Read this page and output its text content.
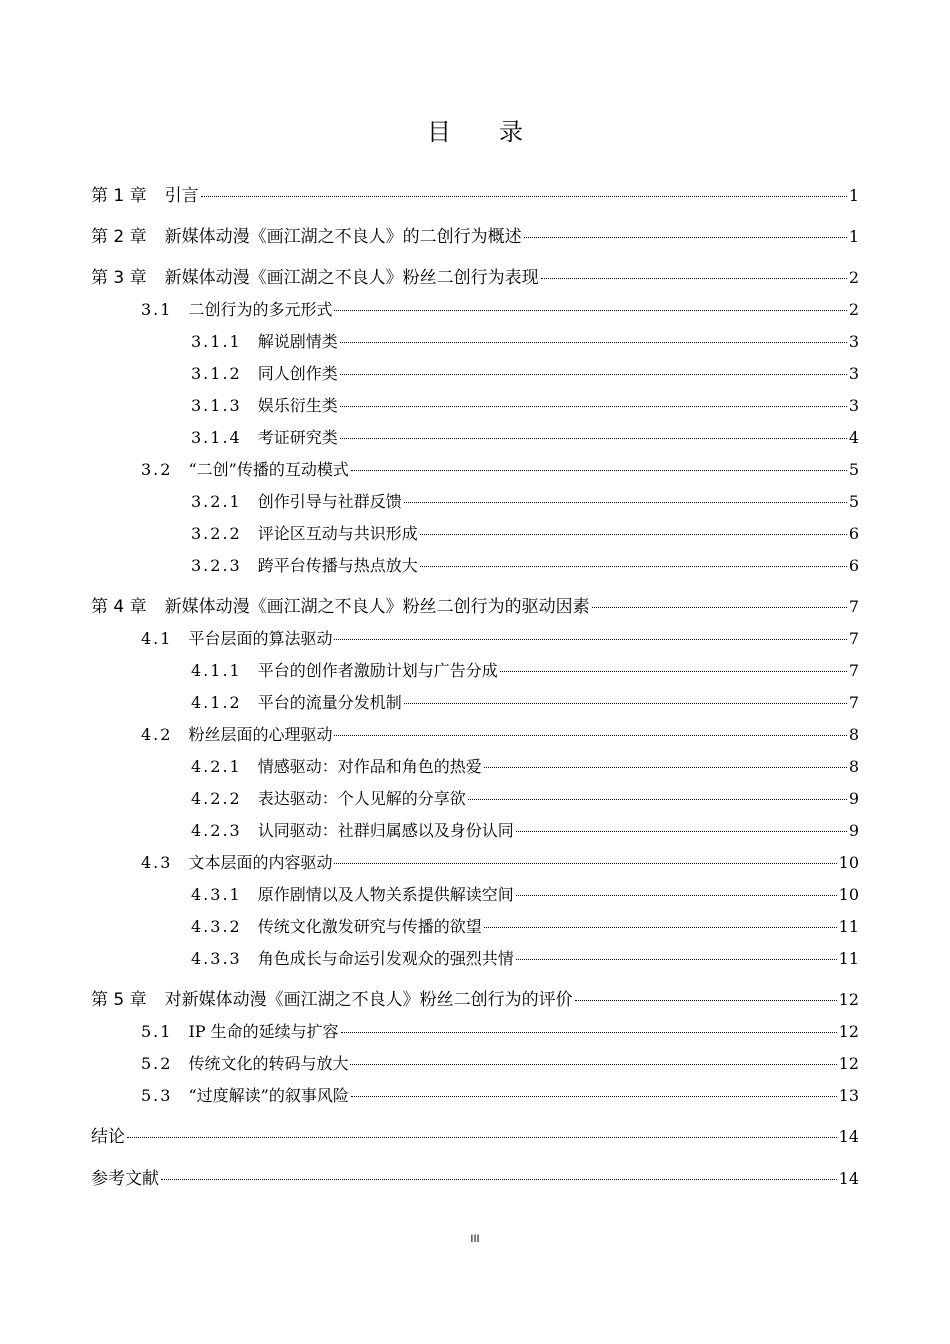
目 录
第 1 章 引言	1
第 2 章 新媒体动漫《画江湖之不良人》的二创行为概述	1
第 3 章 新媒体动漫《画江湖之不良人》粉丝二创行为表现	2
3.1 二创行为的多元形式	2
3.1.1 解说剧情类	3
3.1.2 同人创作类	3
3.1.3 娱乐衍生类	3
3.1.4 考证研究类	4
3.2 “二创”传播的互动模式	5
3.2.1 创作引导与社群反馈	5
3.2.2 评论区互动与共识形成	6
3.2.3 跨平台传播与热点放大	6
第 4 章 新媒体动漫《画江湖之不良人》粉丝二创行为的驱动因素	7
4.1 平台层面的算法驱动	7
4.1.1 平台的创作者激励计划与广告分成	7
4.1.2 平台的流量分发机制	7
4.2 粉丝层面的心理驱动	8
4.2.1 情感驱动：对作品和角色的热爱	8
4.2.2 表达驱动：个人见解的分享欲	9
4.2.3 认同驱动：社群归属感以及身份认同	9
4.3 文本层面的内容驱动	10
4.3.1 原作剧情以及人物关系提供解读空间	10
4.3.2 传统文化激发研究与传播的欲望	11
4.3.3 角色成长与命运引发观众的强烈共情	11
第 5 章 对新媒体动漫《画江湖之不良人》粉丝二创行为的评价	12
5.1 IP 生命的延续与扩容	12
5.2 传统文化的转码与放大	12
5.3 “过度解读”的叙事风险	13
结论	14
参考文献	14
III
